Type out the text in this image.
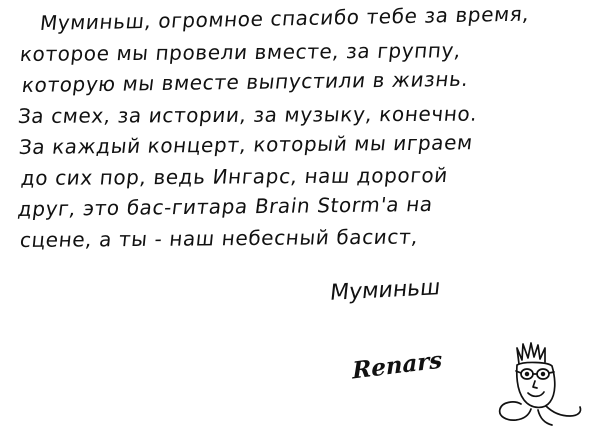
Муминьш, огромное спасибо тебе за время,
которое мы провели вместе, за группу,
которую мы вместе выпустили в жизнь.
За смех, за истории, за музыку, конечно.
За каждый концерт, который мы играем
до сих пор, ведь Ингарс, наш дорогой
друг, это бас-гитара Brain Storm'a на
сцене, а ты - наш небесный басист,
Муминьш
Renars
